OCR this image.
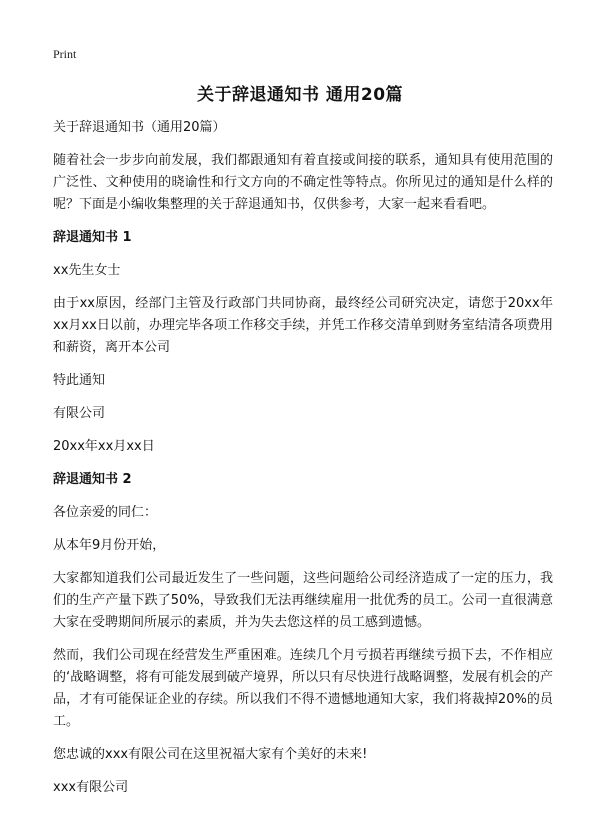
Print
关于辞退通知书 通用20篇

关于辞退通知书（通用20篇）

随着社会一步步向前发展，我们都跟通知有着直接或间接的联系，通知具有使用范围的广泛性、文种使用的晓谕性和行文方向的不确定性等特点。你所见过的通知是什么样的呢？下面是小编收集整理的关于辞退通知书，仅供参考，大家一起来看看吧。

辞退通知书 1

xx先生女士

由于xx原因，经部门主管及行政部门共同协商，最终经公司研究决定，请您于20xx年xx月xx日以前，办理完毕各项工作移交手续，并凭工作移交清单到财务室结清各项费用和薪资，离开本公司

特此通知

有限公司

20xx年xx月xx日

辞退通知书 2

各位亲爱的同仁：

从本年9月份开始，

大家都知道我们公司最近发生了一些问题，这些问题给公司经济造成了一定的压力，我们的生产产量下跌了50%，导致我们无法再继续雇用一批优秀的员工。公司一直很满意大家在受聘期间所展示的素质，并为失去您这样的员工感到遗憾。

然而，我们公司现在经营发生严重困难。连续几个月亏损若再继续亏损下去，不作相应的‘战略调整，将有可能发展到破产境界，所以只有尽快进行战略调整，发展有机会的产品，才有可能保证企业的存续。所以我们不得不遗憾地通知大家，我们将裁掉20%的员工。

您忠诚的xxx有限公司在这里祝福大家有个美好的未来!

xxx有限公司
